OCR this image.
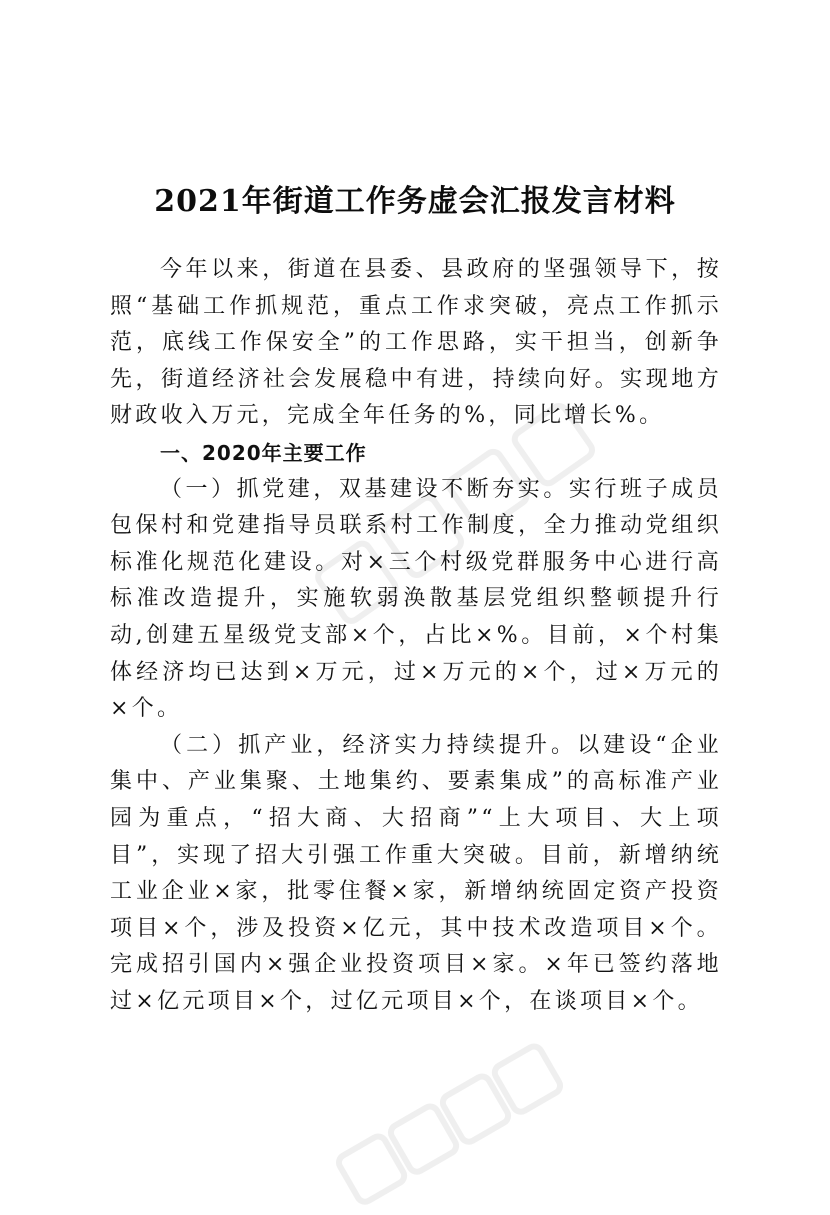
2021年街道工作务虚会汇报发言材料

今年以来，街道在县委、县政府的坚强领导下，按照“基础工作抓规范，重点工作求突破，亮点工作抓示范，底线工作保安全”的工作思路，实干担当，创新争先，街道经济社会发展稳中有进，持续向好。实现地方财政收入万元，完成全年任务的%，同比增长%。

一、2020年主要工作

（一）抓党建，双基建设不断夯实。实行班子成员包保村和党建指导员联系村工作制度，全力推动党组织标准化规范化建设。对×三个村级党群服务中心进行高标准改造提升，实施软弱涣散基层党组织整顿提升行动,创建五星级党支部×个，占比×%。目前，×个村集体经济均已达到×万元，过×万元的×个，过×万元的×个。

（二）抓产业，经济实力持续提升。以建设“企业集中、产业集聚、土地集约、要素集成”的高标准产业园为重点，“招大商、大招商”“上大项目、大上项目”，实现了招大引强工作重大突破。目前，新增纳统工业企业×家，批零住餐×家，新增纳统固定资产投资项目×个，涉及投资×亿元，其中技术改造项目×个。完成招引国内×强企业投资项目×家。×年已签约落地过×亿元项目×个，过亿元项目×个，在谈项目×个。
